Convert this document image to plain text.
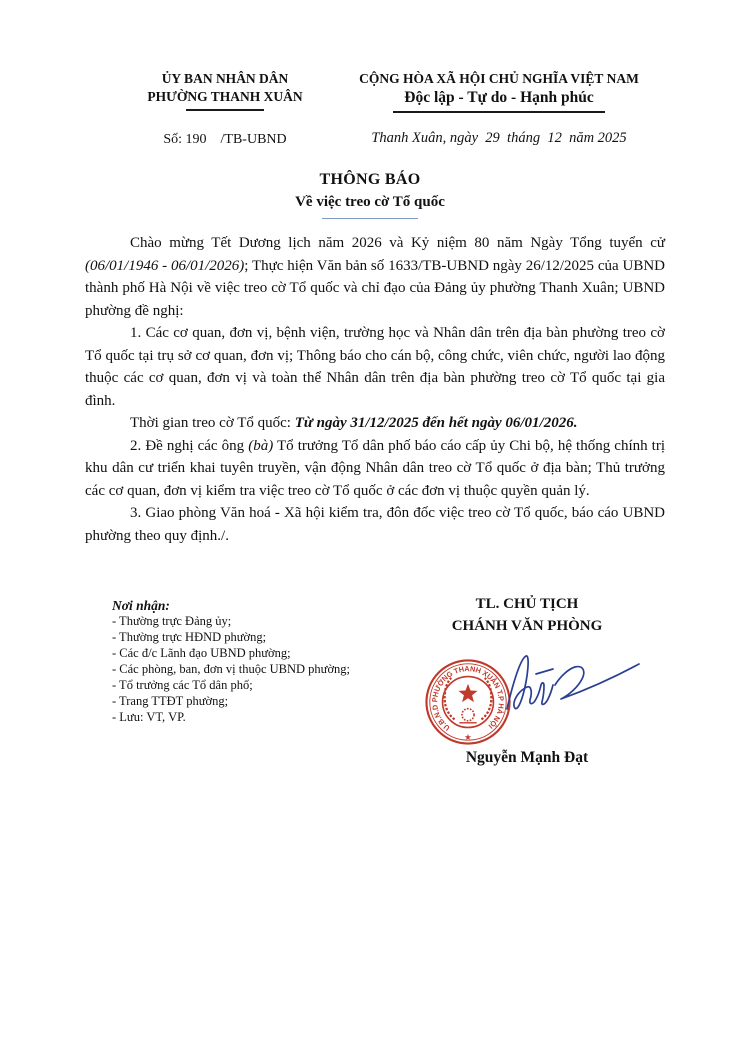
ỦY BAN NHÂN DÂN
PHƯỜNG THANH XUÂN
Số: 190    /TB-UBND
CỘNG HÒA XÃ HỘI CHỦ NGHĨA VIỆT NAM
Độc lập - Tự do - Hạnh phúc
Thanh Xuân, ngày  29  tháng  12  năm 2025
THÔNG BÁO
Về việc treo cờ Tổ quốc

Chào mừng Tết Dương lịch năm 2026 và Kỷ niệm 80 năm Ngày Tổng tuyển cử (06/01/1946 - 06/01/2026); Thực hiện Văn bản số 1633/TB-UBND ngày 26/12/2025 của UBND thành phố Hà Nội về việc treo cờ Tổ quốc và chỉ đạo của Đảng ủy phường Thanh Xuân; UBND phường đề nghị:

1. Các cơ quan, đơn vị, bệnh viện, trường học và Nhân dân trên địa bàn phường treo cờ Tổ quốc tại trụ sở cơ quan, đơn vị; Thông báo cho cán bộ, công chức, viên chức, người lao động thuộc các cơ quan, đơn vị và toàn thể Nhân dân trên địa bàn phường treo cờ Tổ quốc tại gia đình.

Thời gian treo cờ Tổ quốc: Từ ngày 31/12/2025 đến hết ngày 06/01/2026.

2. Đề nghị các ông (bà) Tổ trưởng Tổ dân phố báo cáo cấp ủy Chi bộ, hệ thống chính trị khu dân cư triển khai tuyên truyền, vận động Nhân dân treo cờ Tổ quốc ở địa bàn; Thủ trưởng các cơ quan, đơn vị kiểm tra việc treo cờ Tổ quốc ở các đơn vị thuộc quyền quản lý.

3. Giao phòng Văn hoá - Xã hội kiểm tra, đôn đốc việc treo cờ Tổ quốc, báo cáo UBND phường theo quy định./.

Nơi nhận:
- Thường trực Đảng ủy;
- Thường trực HĐND phường;
- Các đ/c Lãnh đạo UBND phường;
- Các phòng, ban, đơn vị thuộc UBND phường;
- Tổ trưởng các Tổ dân phố;
- Trang TTĐT phường;
- Lưu: VT, VP.
TL. CHỦ TỊCH
CHÁNH VĂN PHÒNG
U.B.N.D PHƯỜNG THANH XUÂN T.P HÀ NỘI
★
Nguyễn Mạnh Đạt
